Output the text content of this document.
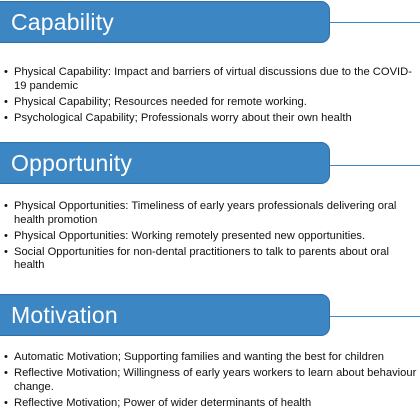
Capability
• Physical Capability: Impact and barriers of virtual discussions due to the COVID-19 pandemic
• Physical Capability; Resources needed for remote working.
• Psychological Capability; Professionals worry about their own health
Opportunity
• Physical Opportunities: Timeliness of early years professionals delivering oral health promotion
• Physical Opportunities: Working remotely presented new opportunities.
• Social Opportunities for non-dental practitioners to talk to parents about oral health
Motivation
• Automatic Motivation; Supporting families and wanting the best for children
• Reflective Motivation; Willingness of early years workers to learn about behaviour change.
• Reflective Motivation; Power of wider determinants of health
